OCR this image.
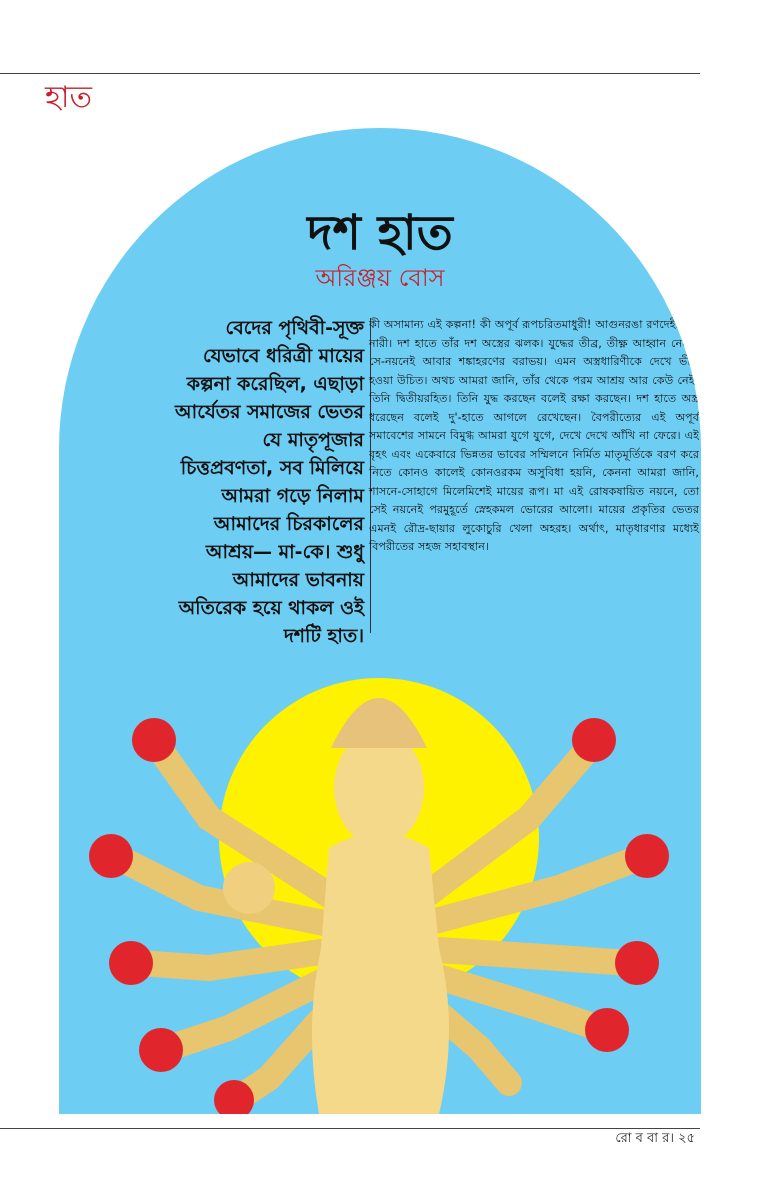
হাত
দশ হাত
অরিঞ্জয় বোস
বেদের পৃথিবী-সূক্ত যেভাবে ধরিত্রী মায়ের কল্পনা করেছিল, এছাড়া আর্যেতর সমাজের ভেতর যে মাতৃপূজার চিত্তপ্রবণতা, সব মিলিয়ে আমরা গড়ে নিলাম আমাদের চিরকালের আশ্রয়— মা-কে। শুধু আমাদের ভাবনায় অতিরেক হয়ে থাকল ওই দশটি হাত।
কী অসামান্য এই কল্পনা! কী অপূর্ব রূপচরিতমাধুরী! আগুনরঙা রণদেহী এক নারী। দশ হাতে তাঁর দশ অস্ত্রের ঝলক। যুদ্ধের তীব্র, তীক্ষ্ণ আহ্বান নেত্রে। সে-নয়নেই আবার শঙ্কাহরণের বরাভয়। এমন অস্ত্রধারিণীকে দেখে ভীত হওয়া উচিত। অথচ আমরা জানি, তাঁর থেকে পরম আশ্রয় আর কেউ নেই! তিনি দ্বিতীয়রহিত। তিনি যুদ্ধ করছেন বলেই রক্ষা করছেন। দশ হাতে অস্ত্র ধরেছেন বলেই দু'-হাতে আগলে রেখেছেন। বৈপরীত্যের এই অপূর্ব সমাবেশের সামনে বিমুগ্ধ আমরা যুগে যুগে, দেখে দেখে আঁখি না ফেরে। এই বৃহৎ এবং একেবারে ভিন্নতর ভাবের সম্মিলনে নির্মিত মাতৃমূর্তিকে বরণ করে নিতে কোনও কালেই কোনওরকম অসুবিধা হয়নি, কেননা আমরা জানি, শাসনে-সোহাগে মিলেমিশেই মায়ের রূপ। মা এই রোষকষায়িত নয়নে, তো সেই নয়নেই পরমুহূর্তে স্নেহকমল ভোরের আলো। মায়ের প্রকৃতির ভেতর এমনই রৌদ্র-ছায়ার লুকোচুরি খেলা অহরহ। অর্থাৎ, মাতৃধারণার মধ্যেই বিপরীতের সহজ সহাবস্থান।
রো ব বা র। ২৫
